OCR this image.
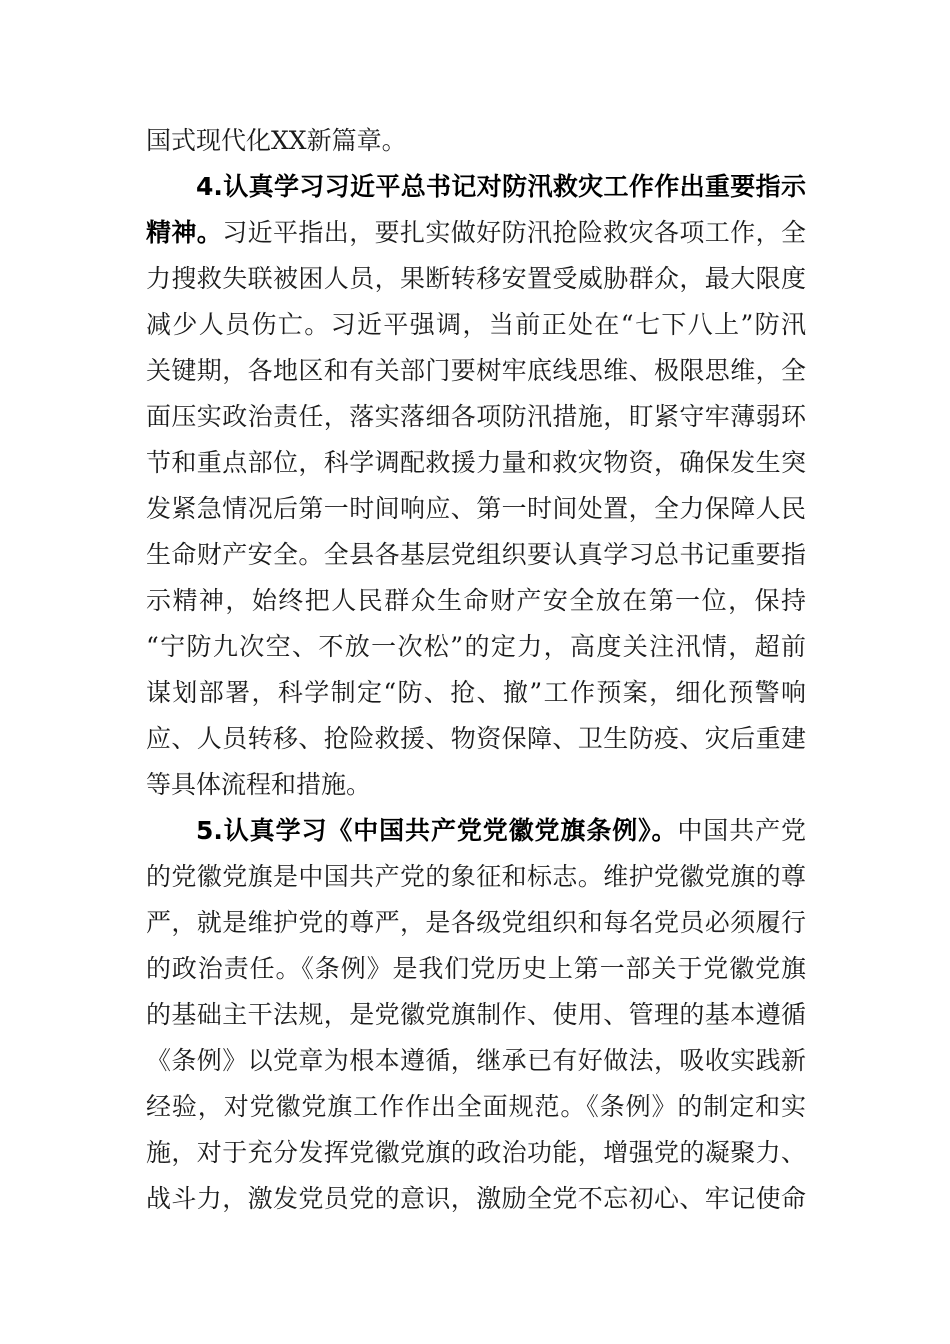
国式现代化XX新篇章。
4.认真学习习近平总书记对防汛救灾工作作出重要指示
精神。习近平指出，要扎实做好防汛抢险救灾各项工作，全
力搜救失联被困人员，果断转移安置受威胁群众，最大限度
减少人员伤亡。习近平强调，当前正处在“七下八上”防汛
关键期，各地区和有关部门要树牢底线思维、极限思维，全
面压实政治责任，落实落细各项防汛措施，盯紧守牢薄弱环
节和重点部位，科学调配救援力量和救灾物资，确保发生突
发紧急情况后第一时间响应、第一时间处置，全力保障人民
生命财产安全。全县各基层党组织要认真学习总书记重要指
示精神，始终把人民群众生命财产安全放在第一位，保持
“宁防九次空、不放一次松”的定力，高度关注汛情，超前
谋划部署，科学制定“防、抢、撤”工作预案，细化预警响
应、人员转移、抢险救援、物资保障、卫生防疫、灾后重建
等具体流程和措施。
5.认真学习《中国共产党党徽党旗条例》。中国共产党
的党徽党旗是中国共产党的象征和标志。维护党徽党旗的尊
严，就是维护党的尊严，是各级党组织和每名党员必须履行
的政治责任。《条例》是我们党历史上第一部关于党徽党旗
的基础主干法规，是党徽党旗制作、使用、管理的基本遵循
《条例》以党章为根本遵循，继承已有好做法，吸收实践新
经验，对党徽党旗工作作出全面规范。《条例》的制定和实
施，对于充分发挥党徽党旗的政治功能，增强党的凝聚力、
战斗力，激发党员党的意识，激励全党不忘初心、牢记使命
